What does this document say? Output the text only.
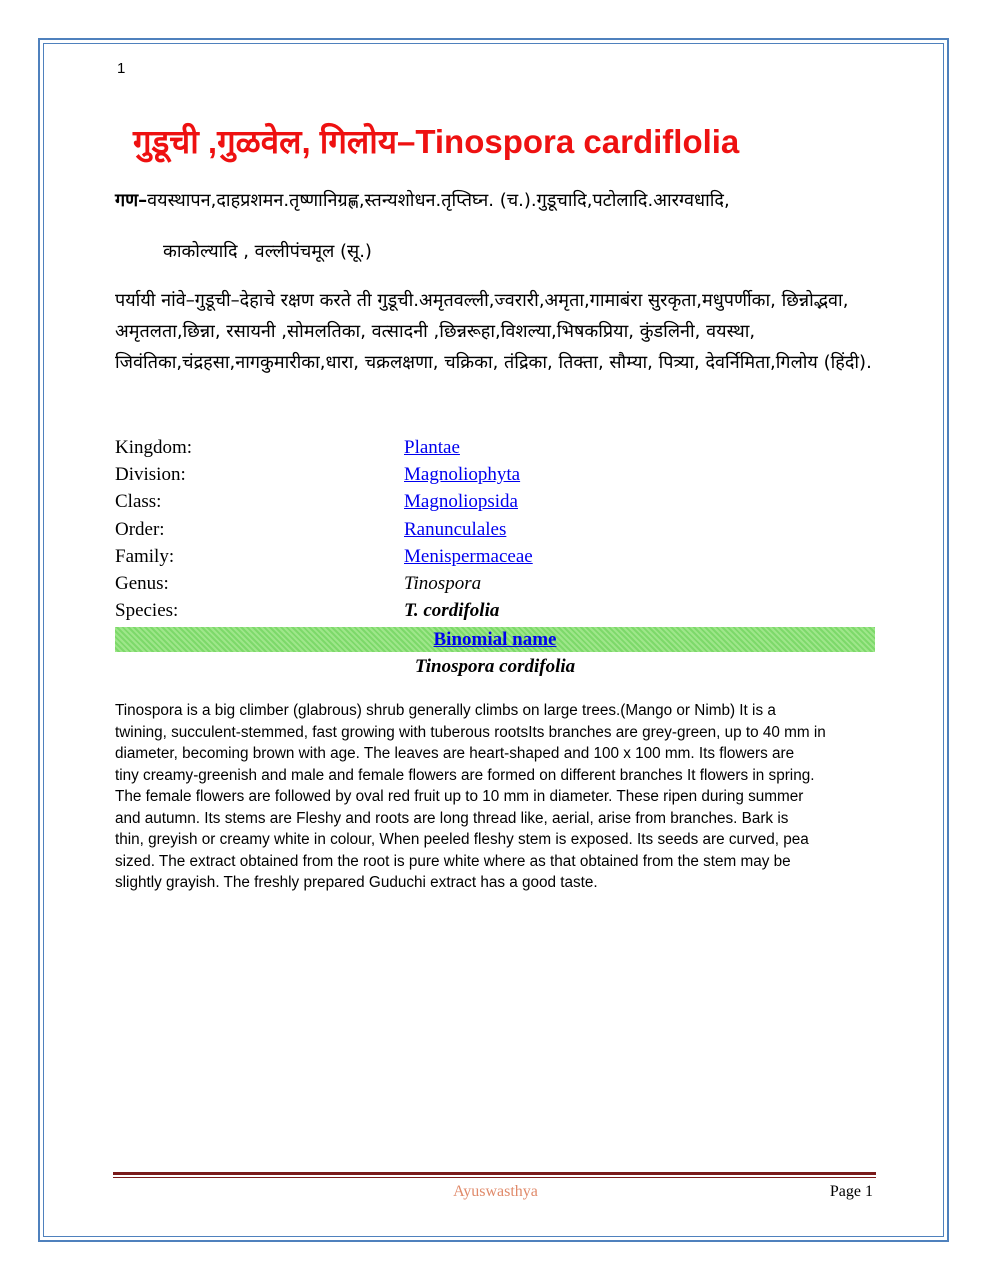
1
गुडूची ,गुळवेल, गिलोय–Tinospora cardiflolia
गण–वयस्थापन,दाहप्रशमन.तृष्णानिग्रह्ण,स्तन्यशोधन.तृप्तिघ्न. (च.).गुडूचादि,पटोलादि.आरग्वधादि,
काकोल्यादि , वल्लीपंचमूल (सू.)
पर्यायी नांवे–गुडूची–देहाचे रक्षण करते ती गुडूची.अमृतवल्ली,ज्वरारी,अमृता,गामाबंरा सुरकृता,मधुपर्णीका, छिन्नोद्भवा, अमृतलता,छिन्ना, रसायनी ,सोमलतिका, वत्सादनी ,छिन्नरूहा,विशल्या,भिषकप्रिया, कुंडलिनी, वयस्था, जिवंतिका,चंद्रहसा,नागकुमारीका,धारा, चक्रलक्षणा, चक्रिका, तंद्रिका, तिक्ता, सौम्या, पित्र्या, देवर्निमिता,गिलोय (हिंदी).
Kingdom:	Plantae
Division:	Magnoliophyta
Class:	Magnoliopsida
Order:	Ranunculales
Family:	Menispermaceae
Genus:	Tinospora
Species:	T. cordifolia
Binomial name
Tinospora cordifolia
Tinospora is a big climber (glabrous) shrub generally climbs on large trees.(Mango or Nimb) It is a
twining, succulent-stemmed, fast growing with tuberous rootsIts branches are grey-green, up to 40 mm in
diameter, becoming brown with age. The leaves are heart-shaped and 100 x 100 mm. Its flowers are
tiny creamy-greenish and male and female flowers are formed on different branches It flowers in spring.
The female flowers are followed by oval red fruit up to 10 mm in diameter. These ripen during summer
and autumn. Its stems are Fleshy and roots are long thread like, aerial, arise from branches. Bark is
thin, greyish or creamy white in colour, When peeled fleshy stem is exposed. Its seeds are curved, pea
sized. The extract obtained from the root is pure white where as that obtained from the stem may be
slightly grayish. The freshly prepared Guduchi extract has a good taste.
Ayuswasthya	Page 1
